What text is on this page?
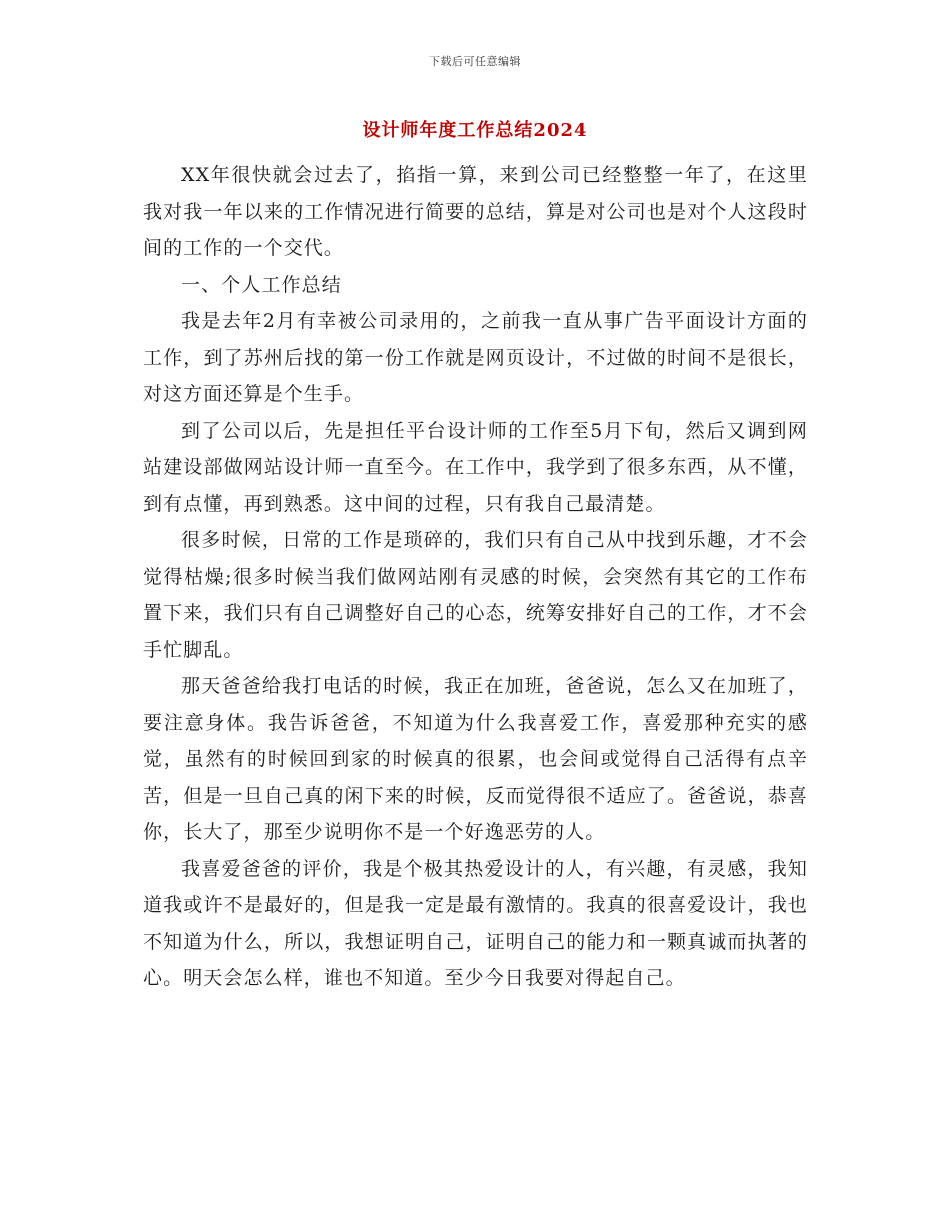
下载后可任意编辑
设计师年度工作总结2024

XX年很快就会过去了，掐指一算，来到公司已经整整一年了，在这里我对我一年以来的工作情况进行简要的总结，算是对公司也是对个人这段时间的工作的一个交代。

一、个人工作总结

我是去年2月有幸被公司录用的，之前我一直从事广告平面设计方面的工作，到了苏州后找的第一份工作就是网页设计，不过做的时间不是很长，对这方面还算是个生手。

到了公司以后，先是担任平台设计师的工作至5月下旬，然后又调到网站建设部做网站设计师一直至今。在工作中，我学到了很多东西，从不懂，到有点懂，再到熟悉。这中间的过程，只有我自己最清楚。

很多时候，日常的工作是琐碎的，我们只有自己从中找到乐趣，才不会觉得枯燥;很多时候当我们做网站刚有灵感的时候，会突然有其它的工作布置下来，我们只有自己调整好自己的心态，统筹安排好自己的工作，才不会手忙脚乱。

那天爸爸给我打电话的时候，我正在加班，爸爸说，怎么又在加班了，要注意身体。我告诉爸爸，不知道为什么我喜爱工作，喜爱那种充实的感觉，虽然有的时候回到家的时候真的很累，也会间或觉得自己活得有点辛苦，但是一旦自己真的闲下来的时候，反而觉得很不适应了。爸爸说，恭喜你，长大了，那至少说明你不是一个好逸恶劳的人。

我喜爱爸爸的评价，我是个极其热爱设计的人，有兴趣，有灵感，我知道我或许不是最好的，但是我一定是最有激情的。我真的很喜爱设计，我也不知道为什么，所以，我想证明自己，证明自己的能力和一颗真诚而执著的心。明天会怎么样，谁也不知道。至少今日我要对得起自己。
